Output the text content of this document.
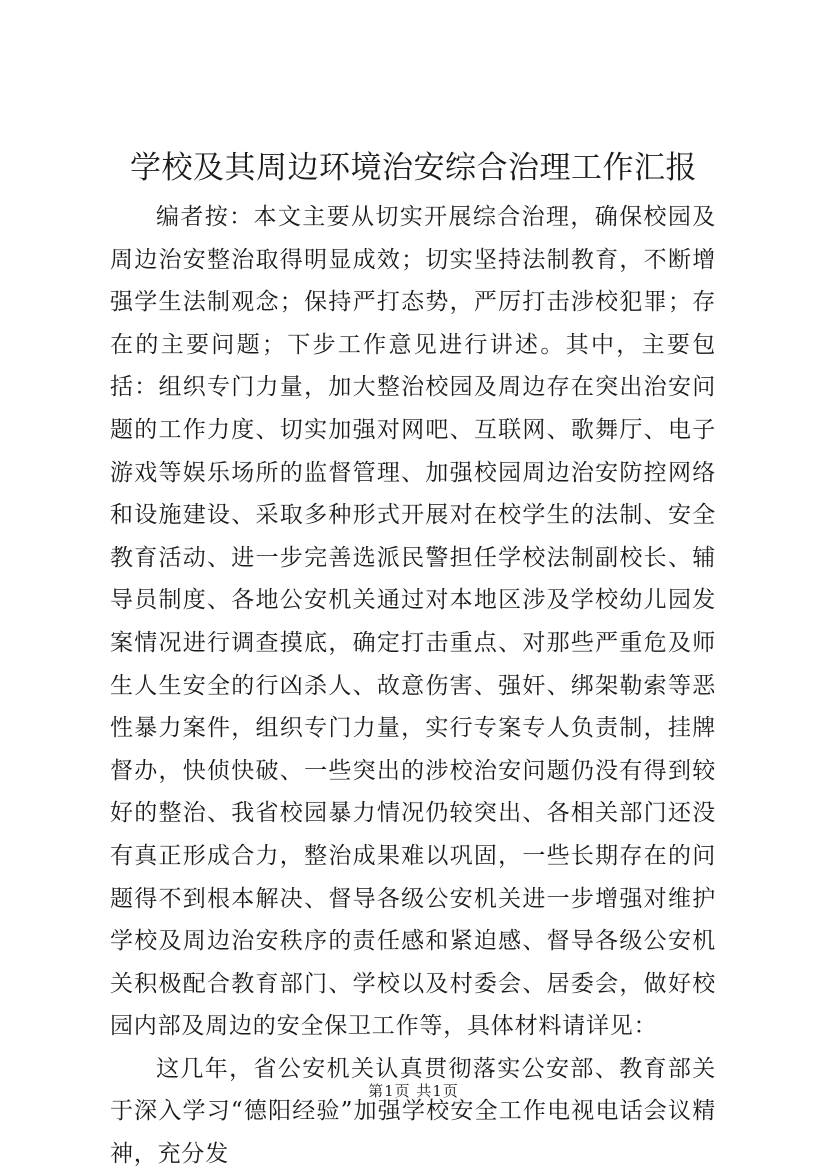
学校及其周边环境治安综合治理工作汇报

编者按：本文主要从切实开展综合治理，确保校园及周边治安整治取得明显成效；切实坚持法制教育，不断增强学生法制观念；保持严打态势，严厉打击涉校犯罪；存在的主要问题；下步工作意见进行讲述。其中，主要包括：组织专门力量，加大整治校园及周边存在突出治安问题的工作力度、切实加强对网吧、互联网、歌舞厅、电子游戏等娱乐场所的监督管理、加强校园周边治安防控网络和设施建设、采取多种形式开展对在校学生的法制、安全教育活动、进一步完善选派民警担任学校法制副校长、辅导员制度、各地公安机关通过对本地区涉及学校幼儿园发案情况进行调查摸底，确定打击重点、对那些严重危及师生人生安全的行凶杀人、故意伤害、强奸、绑架勒索等恶性暴力案件，组织专门力量，实行专案专人负责制，挂牌督办，快侦快破、一些突出的涉校治安问题仍没有得到较好的整治、我省校园暴力情况仍较突出、各相关部门还没有真正形成合力，整治成果难以巩固，一些长期存在的问题得不到根本解决、督导各级公安机关进一步增强对维护学校及周边治安秩序的责任感和紧迫感、督导各级公安机关积极配合教育部门、学校以及村委会、居委会，做好校园内部及周边的安全保卫工作等，具体材料请详见：

这几年，省公安机关认真贯彻落实公安部、教育部关于深入学习“德阳经验”加强学校安全工作电视电话会议精神，充分发

第1页 共1页
